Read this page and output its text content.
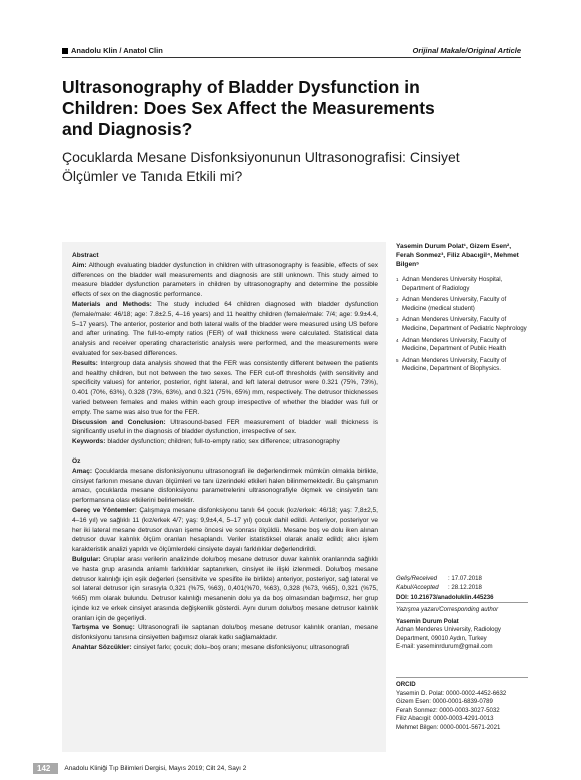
Anadolu Klin / Anatol Clin	Orijinal Makale/Original Article
Ultrasonography of Bladder Dysfunction in Children: Does Sex Affect the Measurements and Diagnosis?
Çocuklarda Mesane Disfonksiyonunun Ultrasonografisi: Cinsiyet Ölçümler ve Tanıda Etkili mi?

Abstract

Aim: Although evaluating bladder dysfunction in children with ultrasonography is feasible, effects of sex differences on the bladder wall measurements and diagnosis are still unknown. This study aimed to measure bladder dysfunction parameters in children by ultrasonography and determine the possible effects of sex on the diagnostic performance.

Materials and Methods: The study included 64 children diagnosed with bladder dysfunction (female/male: 46/18; age: 7.8±2.5, 4–16 years) and 11 healthy children (female/male: 7/4; age: 9.9±4.4, 5–17 years). The anterior, posterior and both lateral walls of the bladder were measured using US before and after urinating. The full-to-empty ratios (FER) of wall thickness were calculated. Statistical data analysis and receiver operating characteristic analysis were performed, and the measurements were evaluated for sex-based differences.

Results: Intergroup data analysis showed that the FER was consistently different between the patients and healthy children, but not between the two sexes. The FER cut-off thresholds (with sensitivity and specificity values) for anterior, posterior, right lateral, and left lateral detrusor were 0.321 (75%, 73%), 0.401 (70%, 63%), 0.328 (73%, 63%), and 0.321 (75%, 65%) mm, respectively. The detrusor thicknesses varied between females and males within each group irrespective of whether the bladder was full or empty. The same was also true for the FER.

Discussion and Conclusion: Ultrasound-based FER measurement of bladder wall thickness is significantly useful in the diagnosis of bladder dysfunction, irrespective of sex.

Keywords: bladder dysfunction; children; full-to-empty ratio; sex difference; ultrasonography

Öz

Amaç: Çocuklarda mesane disfonksiyonunu ultrasonografi ile değerlendirmek mümkün olmakla birlikte, cinsiyet farkının mesane duvarı ölçümleri ve tanı üzerindeki etkileri halen bilinmemektedir. Bu çalışmanın amacı, çocuklarda mesane disfonksiyonu parametrelerini ultrasonografiyle ölçmek ve cinsiyetin tanı performansına olası etkilerini belirlemektir.

Gereç ve Yöntemler: Çalışmaya mesane disfonksiyonu tanılı 64 çocuk (kız/erkek: 46/18; yaş: 7,8±2,5, 4–16 yıl) ve sağlıklı 11 (kız/erkek 4/7; yaş: 9,9±4,4, 5–17 yıl) çocuk dahil edildi. Anteriyor, posteriyor ve her iki lateral mesane detrusor duvarı işeme öncesi ve sonrası ölçüldü. Mesane boş ve dolu iken alınan detrusor duvar kalınlık ölçüm oranları hesaplandı. Veriler istatistiksel olarak analiz edildi; alıcı işlem karakteristik analizi yapıldı ve ölçümlerdeki cinsiyete dayalı farklılıklar değerlendirildi.

Bulgular: Gruplar arası verilerin analizinde dolu/boş mesane detrusor duvar kalınlık oranlarında sağlıklı ve hasta grup arasında anlamlı farklılıklar saptanırken, cinsiyet ile ilişki izlenmedi. Dolu/boş mesane detrusor kalınlığı için eşik değerleri (sensitivite ve spesifite ile birlikte) anteriyor, posteriyor, sağ lateral ve sol lateral detrusor için sırasıyla 0,321 (%75, %63), 0,401(%70, %63), 0,328 (%73, %65), 0,321 (%75, %65) mm olarak bulundu. Detrusor kalınlığı mesanenin dolu ya da boş olmasından bağımsız, her grup içinde kız ve erkek cinsiyet arasında değişkenlik gösterdi. Aynı durum dolu/boş mesane detrusor kalınlık oranları için de geçerliydi.

Tartışma ve Sonuç: Ultrasonografi ile saptanan dolu/boş mesane detrusor kalınlık oranları, mesane disfonksiyonu tanısına cinsiyetten bağımsız olarak katkı sağlamaktadır.

Anahtar Sözcükler: cinsiyet farkı; çocuk; dolu–boş oranı; mesane disfonksiyonu; ultrasonografi

Yasemin Durum Polat¹, Gizem Esen², Ferah Sonmez³, Filiz Abacıgil⁴, Mehmet Bilgen⁵
1 Adnan Menderes University Hospital, Department of Radiology
2 Adnan Menderes University, Faculty of Medicine (medical student)
3 Adnan Menderes University, Faculty of Medicine, Department of Pediatric Nephrology
4 Adnan Menderes University, Faculty of Medicine, Department of Public Health
5 Adnan Menderes University, Faculty of Medicine, Department of Biophysics.
Geliş/Received : 17.07.2018
Kabul/Accepted : 28.12.2018
DOI: 10.21673/anadoluklin.445236
Yazışma yazarı/Corresponding author
Yasemin Durum Polat
Adnan Menderes University, Radiology
Department, 09010 Aydın, Turkey
E-mail: yaseminrdurum@gmail.com
ORCID
Yasemin D. Polat: 0000-0002-4452-6632
Gizem Esen: 0000-0001-6839-0789
Ferah Sonmez: 0000-0003-3027-5032
Filiz Abacıgil: 0000-0003-4291-0013
Mehmet Bilgen: 0000-0001-5671-2021
142	Anadolu Kliniği Tıp Bilimleri Dergisi, Mayıs 2019; Cilt 24, Sayı 2
